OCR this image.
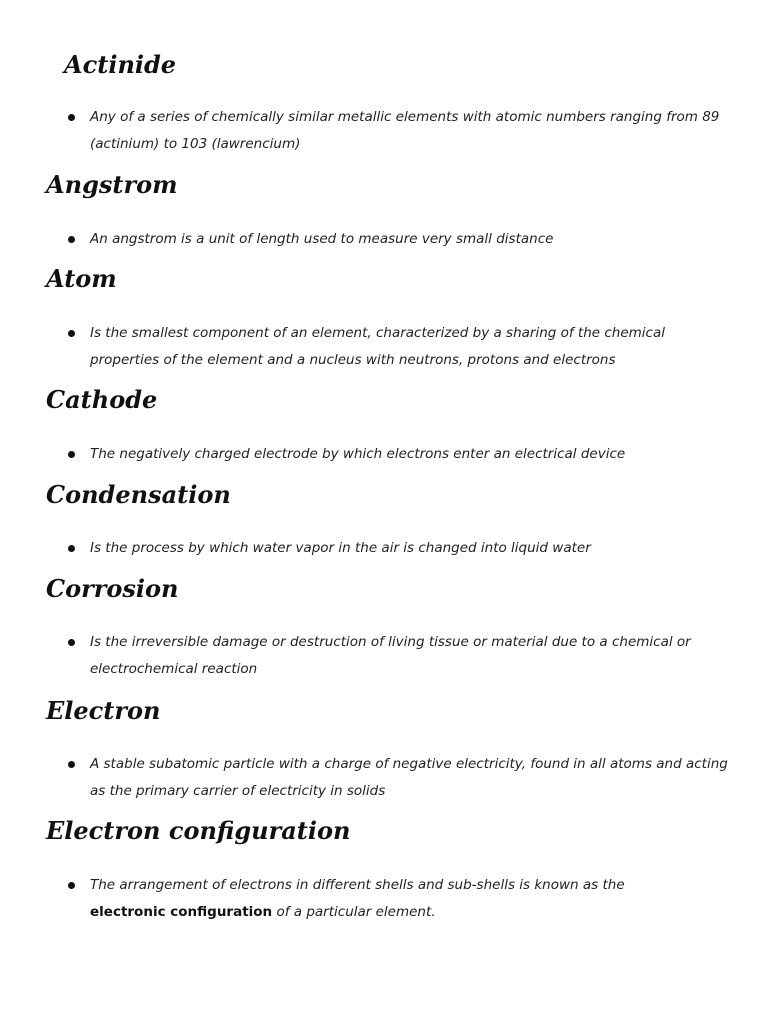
Actinide

Any of a series of chemically similar metallic elements with atomic numbers ranging from 89 (actinium) to 103 (lawrencium)

Angstrom

An angstrom is a unit of length used to measure very small distance

Atom

Is the smallest component of an element, characterized by a sharing of the chemical properties of the element and a nucleus with neutrons, protons and electrons

Cathode

The negatively charged electrode by which electrons enter an electrical device

Condensation

Is the process by which water vapor in the air is changed into liquid water

Corrosion

Is the irreversible damage or destruction of living tissue or material due to a chemical or electrochemical reaction

Electron

A stable subatomic particle with a charge of negative electricity, found in all atoms and acting as the primary carrier of electricity in solids

Electron configuration

The arrangement of electrons in different shells and sub-shells is known as the electronic configuration of a particular element.
